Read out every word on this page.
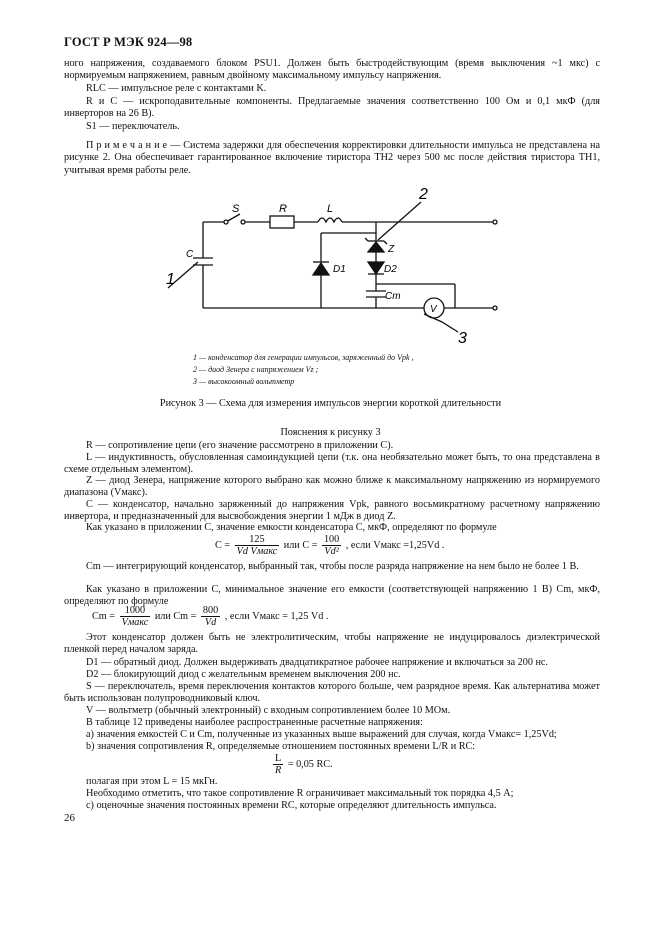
ГОСТ Р МЭК 924—98
ного напряжения, создаваемого блоком PSU1. Должен быть быстродействующим (время выключения ~1 мкс) с нормируемым напряжением, равным двойному максимальному импульсу напряжения.
RLC — импульсное реле с контактами K.
R и C — искроподавительные компоненты. Предлагаемые значения соответственно 100 Ом и 0,1 мкФ (для инверторов на 26 В).
S1 — переключатель.
П р и м е ч а н и е — Система задержки для обеспечения корректировки длительности импульса не представлена на рисунке 2. Она обеспечивает гарантированное включение тиристора TH2 через 500 мс после действия тиристора TH1, учитывая время работы реле.
S	R	L
C
D1
Z
D2
Cm
V
1
2
3
1 — конденсатор для генерации импульсов, заряженный до Vpk ,
2 — диод Зенера с напряжением Vz ;
3 — высокоомный вольтметр
Рисунок 3 — Схема для измерения импульсов энергии короткой длительности
Пояснения к рисунку 3
R — сопротивление цепи (его значение рассмотрено в приложении С).
L — индуктивность, обусловленная самоиндукцией цепи (т.к. она необязательно может быть, то она представлена в схеме отдельным элементом).
Z — диод Зенера, напряжение которого выбрано как можно ближе к максимальному напряжению из нормируемого диапазона (Vмакс).
C — конденсатор, начально заряженный до напряжения Vpk, равного восьмикратному расчетному напряжению инвертора, и предназначенный для высвобождения энергии 1 мДж в диод Z.
Как указано в приложении С, значение емкости конденсатора C, мкФ, определяют по формуле
$C = \frac{125}{\text{Vd Vмакс}}$ или $C = \frac{100}{\text{Vd²}}$ , если Vмакс =1,25Vd .
Cm — интегрирующий конденсатор, выбранный так, чтобы после разряда напряжение на нем было не более 1 В.
Как указано в приложении С, минимальное значение его емкости (соответствующей напряжению 1 В) Cm, мкФ, определяют по формуле
$Cm = \frac{1000}{\text{Vмакс}}$ или $Cm = \frac{800}{Vd}$ , если Vмакс = 1,25 Vd .
Этот конденсатор должен быть не электролитическим, чтобы напряжение не индуцировалось диэлектрической пленкой перед началом заряда.
D1 — обратный диод. Должен выдерживать двадцатикратное рабочее напряжение и включаться за 200 нс.
D2 — блокирующий диод с желательным временем выключения 200 нс.
S — переключатель, время переключения контактов которого больше, чем разрядное время. Как альтернатива может быть использован полупроводниковый ключ.
V — вольтметр (обычный электронный) с входным сопротивлением более 10 МОм.
В таблице 12 приведены наиболее распространенные расчетные напряжения:
a) значения емкостей C и Cm, полученные из указанных выше выражений для случая, когда Vмакс= 1,25Vd;
b) значения сопротивления R, определяемые отношением постоянных времени L/R и RC:
$\frac{L}{R} = 0,05$ RC.
полагая при этом L = 15 мкГн.
Необходимо отметить, что такое сопротивление R ограничивает максимальный ток порядка 4,5 А;
c) оценочные значения постоянных времени RC, которые определяют длительность импульса.
26
